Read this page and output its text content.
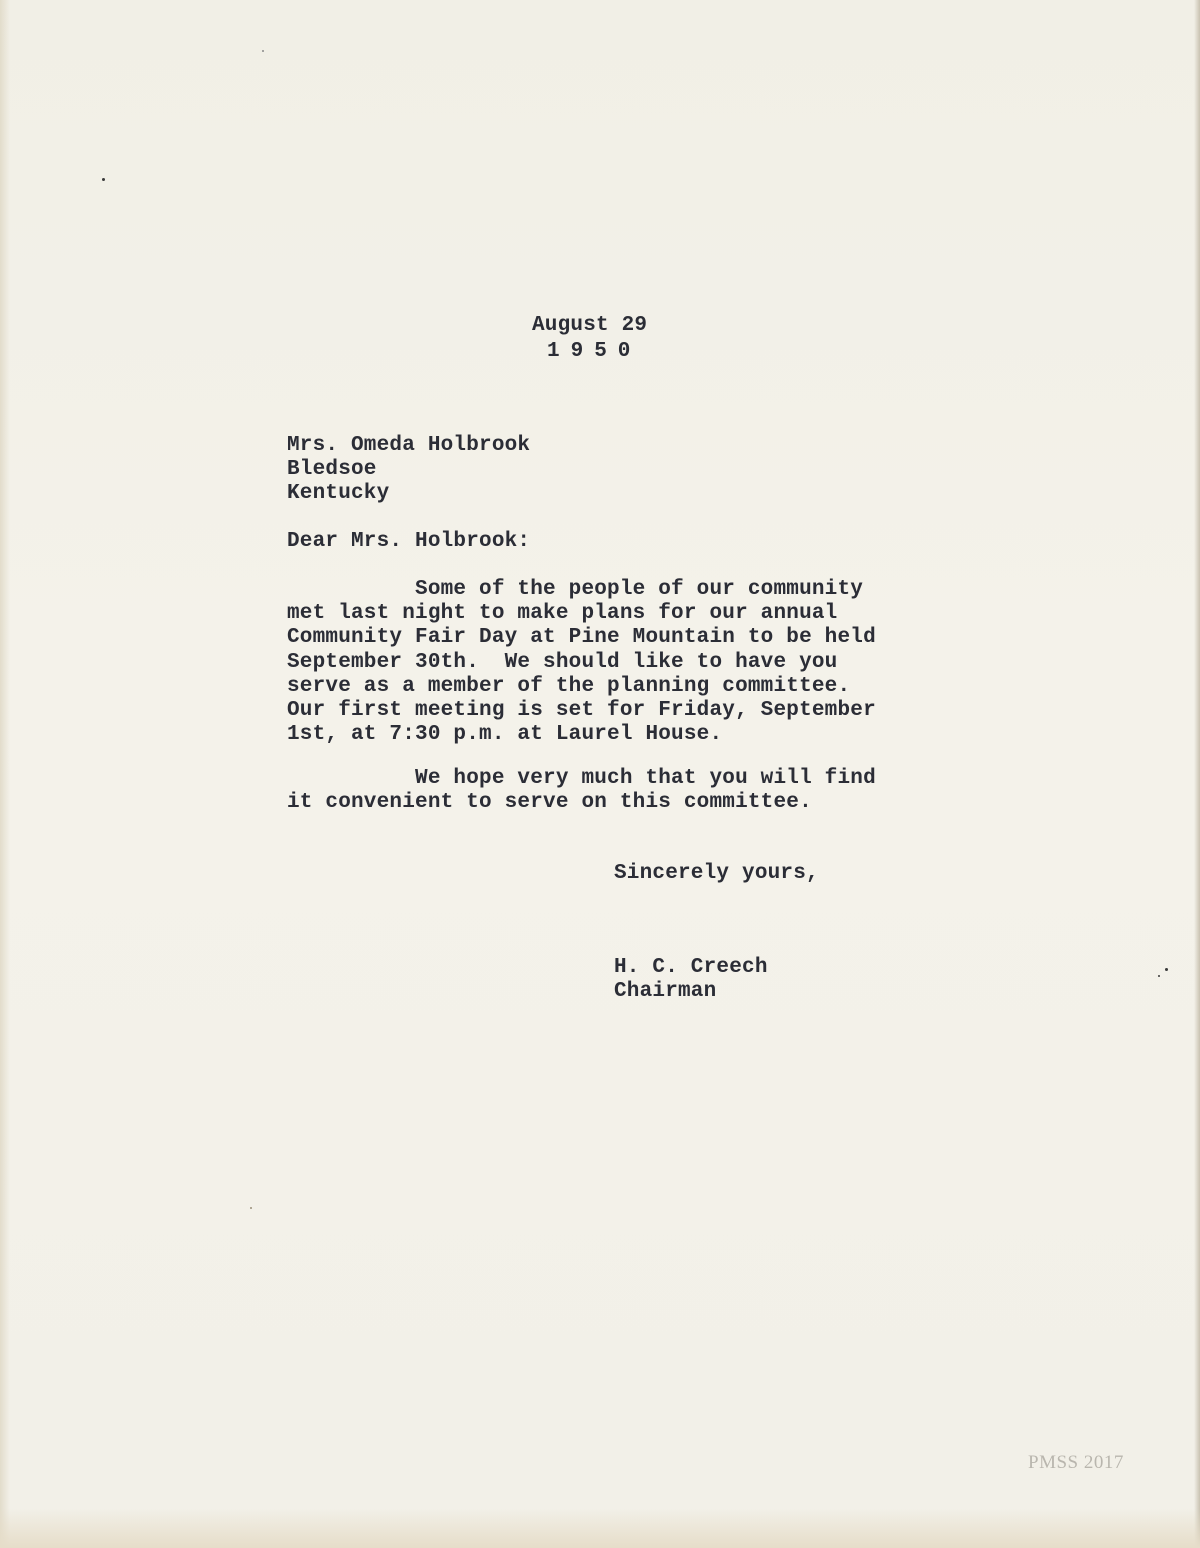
August 29
1950
Mrs. Omeda Holbrook
Bledsoe
Kentucky
Dear Mrs. Holbrook:
Some of the people of our community
met last night to make plans for our annual
Community Fair Day at Pine Mountain to be held
September 30th.  We should like to have you
serve as a member of the planning committee.
Our first meeting is set for Friday, September
1st, at 7:30 p.m. at Laurel House.
We hope very much that you will find
it convenient to serve on this committee.
Sincerely yours,
H. C. Creech
Chairman
PMSS 2017
